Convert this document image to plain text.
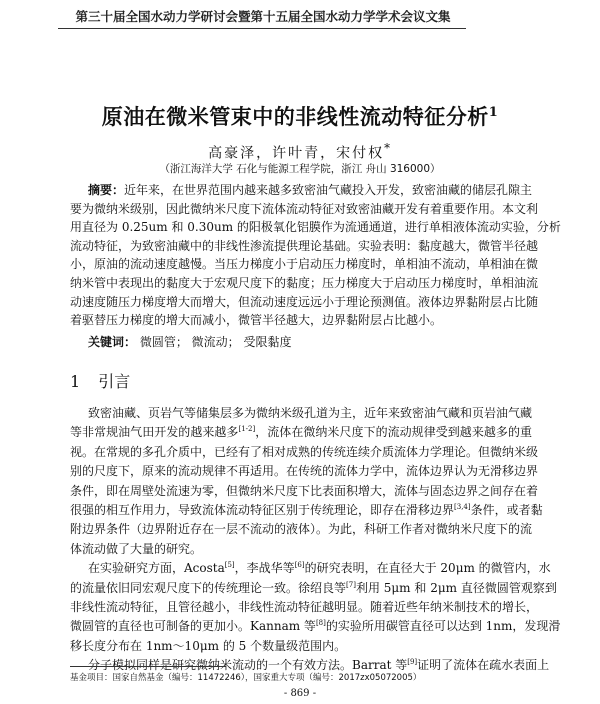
第三十届全国水动力学研讨会暨第十五届全国水动力学学术会议文集
原油在微米管束中的非线性流动特征分析$^1$
高豪泽，许叶青，宋付权*
（浙江海洋大学 石化与能源工程学院，浙江 舟山 316000）
摘要：近年来，在世界范围内越来越多致密油气藏投入开发，致密油藏的储层孔隙主
要为微纳米级别，因此微纳米尺度下流体流动特征对致密油藏开发有着重要作用。本文利
用直径为 0.25um 和 0.30um 的阳极氧化铝膜作为流通通道，进行单相液体流动实验，分析
流动特征，为致密油藏中的非线性渗流提供理论基础。实验表明：黏度越大，微管半径越
小，原油的流动速度越慢。当压力梯度小于启动压力梯度时，单相油不流动，单相油在微
纳米管中表现出的黏度大于宏观尺度下的黏度；压力梯度大于启动压力梯度时，单相油流
动速度随压力梯度增大而增大，但流动速度远远小于理论预测值。液体边界黏附层占比随
着驱替压力梯度的增大而减小，微管半径越大，边界黏附层占比越小。
关键词： 微圆管； 微流动； 受限黏度
1 引言
致密油藏、页岩气等储集层多为微纳米级孔道为主，近年来致密油气藏和页岩油气藏
等非常规油气田开发的越来越多[1-2]，流体在微纳米尺度下的流动规律受到越来越多的重
视。在常规的多孔介质中，已经有了相对成熟的传统连续介质流体力学理论。但微纳米级
别的尺度下，原来的流动规律不再适用。在传统的流体力学中，流体边界认为无滑移边界
条件，即在周壁处流速为零，但微纳米尺度下比表面积增大，流体与固态边界之间存在着
很强的相互作用力，导致流体流动特征区别于传统理论，即存在滑移边界[3,4]条件，或者黏
附边界条件（边界附近存在一层不流动的液体）。为此，科研工作者对微纳米尺度下的流
体流动做了大量的研究。
在实验研究方面，Acosta[5]，李战华等[6]的研究表明，在直径大于 20μm 的微管内，水
的流量依旧同宏观尺度下的传统理论一致。徐绍良等[7]利用 5μm 和 2μm 直径微圆管观察到
非线性流动特征，且管径越小，非线性流动特征越明显。随着近些年纳米制技术的增长，
微圆管的直径也可制备的更加小。Kannam 等[8]的实验所用碳管直径可以达到 1nm，发现滑
移长度分布在 1nm～10μm 的 5 个数量级范围内。
分子模拟同样是研究微纳米流动的一个有效方法。Barrat 等[9]证明了流体在疏水表面上
基金项目：国家自然基金（编号：11472246），国家重大专项（编号：2017zx05072005）
- 869 -
